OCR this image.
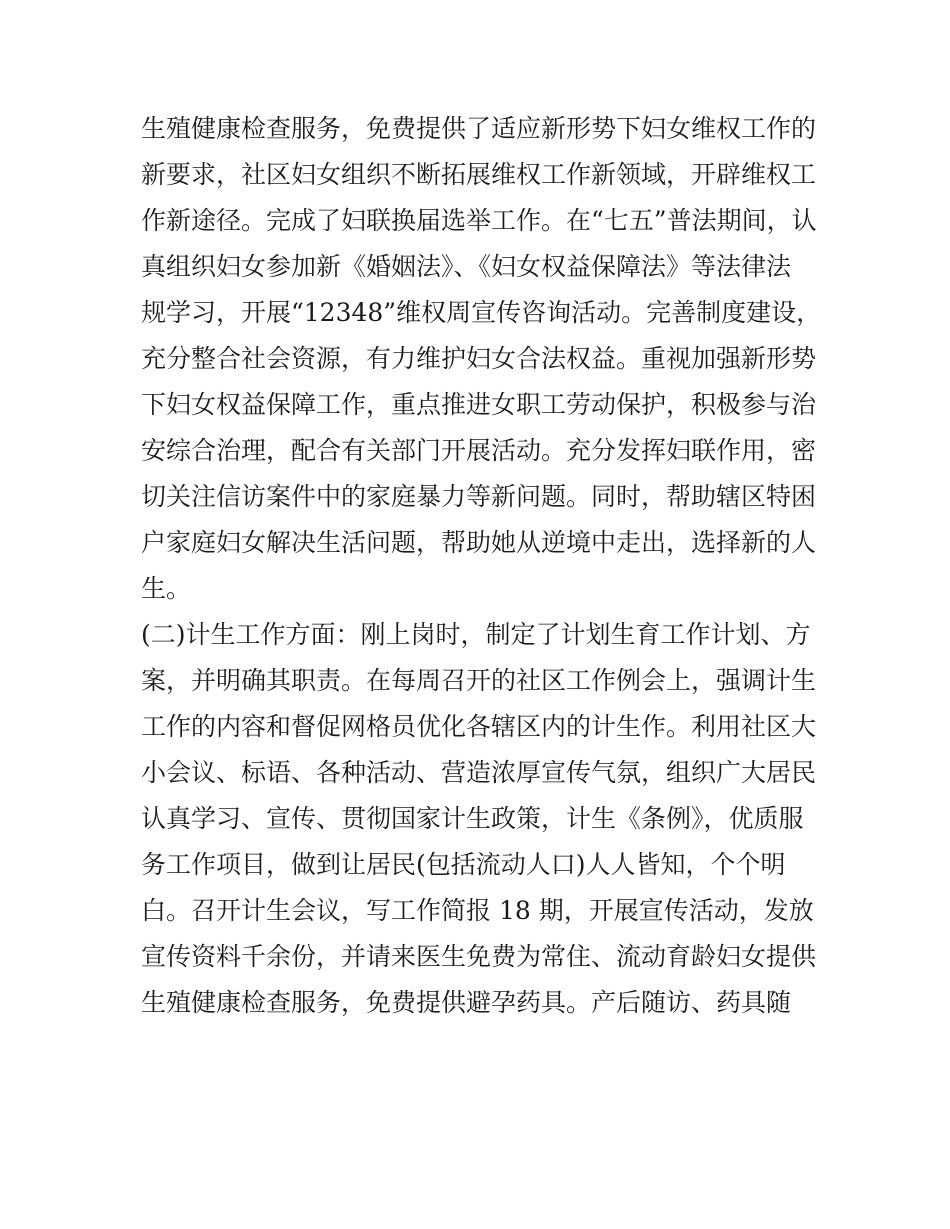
生殖健康检查服务，免费提供了适应新形势下妇女维权工作的
新要求，社区妇女组织不断拓展维权工作新领域，开辟维权工
作新途径。完成了妇联换届选举工作。在“七五”普法期间，认
真组织妇女参加新《婚姻法》、《妇女权益保障法》等法律法
规学习，开展“12348”维权周宣传咨询活动。完善制度建设，
充分整合社会资源，有力维护妇女合法权益。重视加强新形势
下妇女权益保障工作，重点推进女职工劳动保护，积极参与治
安综合治理，配合有关部门开展活动。充分发挥妇联作用，密
切关注信访案件中的家庭暴力等新问题。同时，帮助辖区特困
户家庭妇女解决生活问题，帮助她从逆境中走出，选择新的人
生。
(二)计生工作方面：刚上岗时，制定了计划生育工作计划、方
案，并明确其职责。在每周召开的社区工作例会上，强调计生
工作的内容和督促网格员优化各辖区内的计生作。利用社区大
小会议、标语、各种活动、营造浓厚宣传气氛，组织广大居民
认真学习、宣传、贯彻国家计生政策，计生《条例》，优质服
务工作项目，做到让居民(包括流动人口)人人皆知，个个明
白。召开计生会议，写工作简报 18 期，开展宣传活动，发放
宣传资料千余份，并请来医生免费为常住、流动育龄妇女提供
生殖健康检查服务，免费提供避孕药具。产后随访、药具随
